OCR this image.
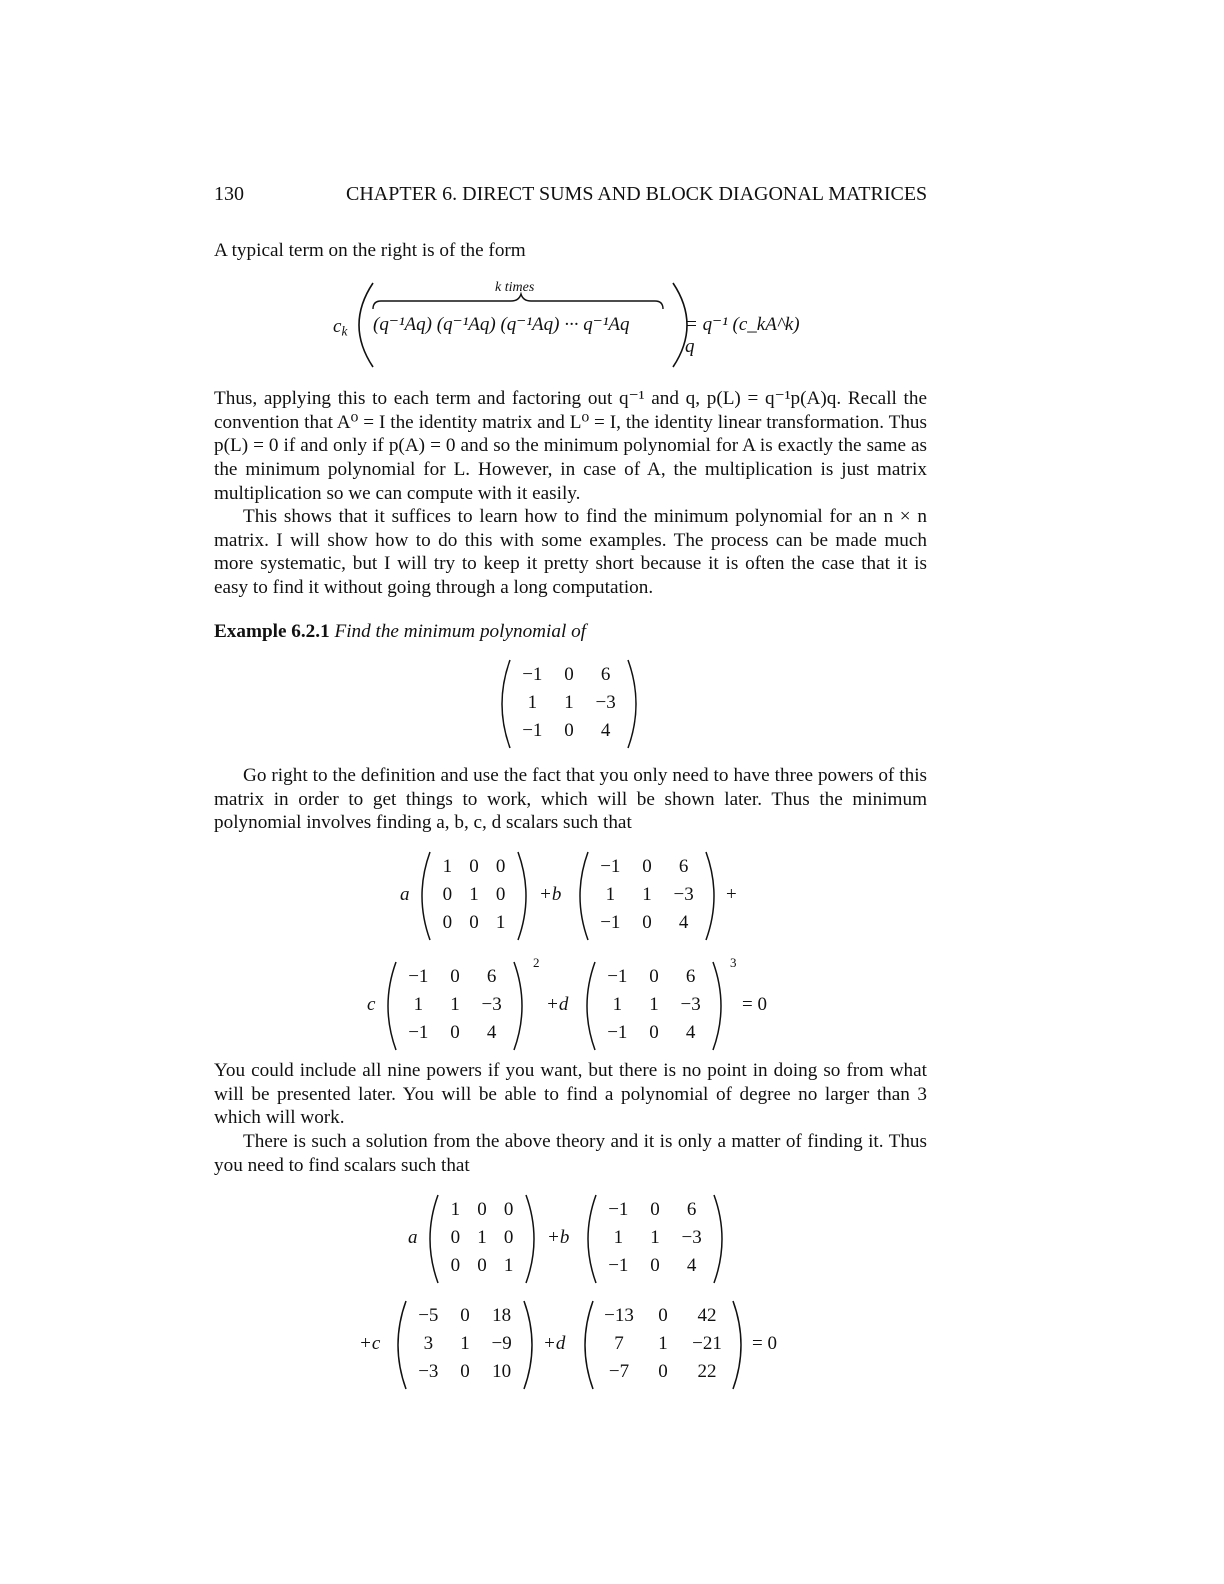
130	CHAPTER 6. DIRECT SUMS AND BLOCK DIAGONAL MATRICES
A typical term on the right is of the form
$c_k$
k times
(q⁻¹Aq) (q⁻¹Aq) (q⁻¹Aq) ··· q⁻¹Aq	= q⁻¹ (c_kA^k) q
Thus, applying this to each term and factoring out q⁻¹ and q, p(L) = q⁻¹p(A)q. Recall the convention that A⁰ = I the identity matrix and L⁰ = I, the identity linear transformation. Thus p(L) = 0 if and only if p(A) = 0 and so the minimum polynomial for A is exactly the same as the minimum polynomial for L. However, in case of A, the multiplication is just matrix multiplication so we can compute with it easily.
This shows that it suffices to learn how to find the minimum polynomial for an n × n matrix. I will show how to do this with some examples. The process can be made much more systematic, but I will try to keep it pretty short because it is often the case that it is easy to find it without going through a long computation.
Example 6.2.1 Find the minimum polynomial of
−1	0	6
1	1	−3
−1	0	4
Go right to the definition and use the fact that you only need to have three powers of this matrix in order to get things to work, which will be shown later. Thus the minimum polynomial involves finding a, b, c, d scalars such that
a
1 0 0
0 1 0
0 0 1
+b
−1	0	6
1	1	−3
−1	0	4
+
c
−1	0	6
1	1	−3
−1	0	4
2
+d
−1	0	6
1	1	−3
−1	0	4
3
= 0
You could include all nine powers if you want, but there is no point in doing so from what will be presented later. You will be able to find a polynomial of degree no larger than 3 which will work.
There is such a solution from the above theory and it is only a matter of finding it. Thus you need to find scalars such that
a
1 0 0
0 1 0
0 0 1
+b
−1	0	6
1	1	−3
−1	0	4
+c
−5	0	18
3	1	−9
−3	0	10
+d
−13	0	42
7	1	−21
−7	0	22
= 0
